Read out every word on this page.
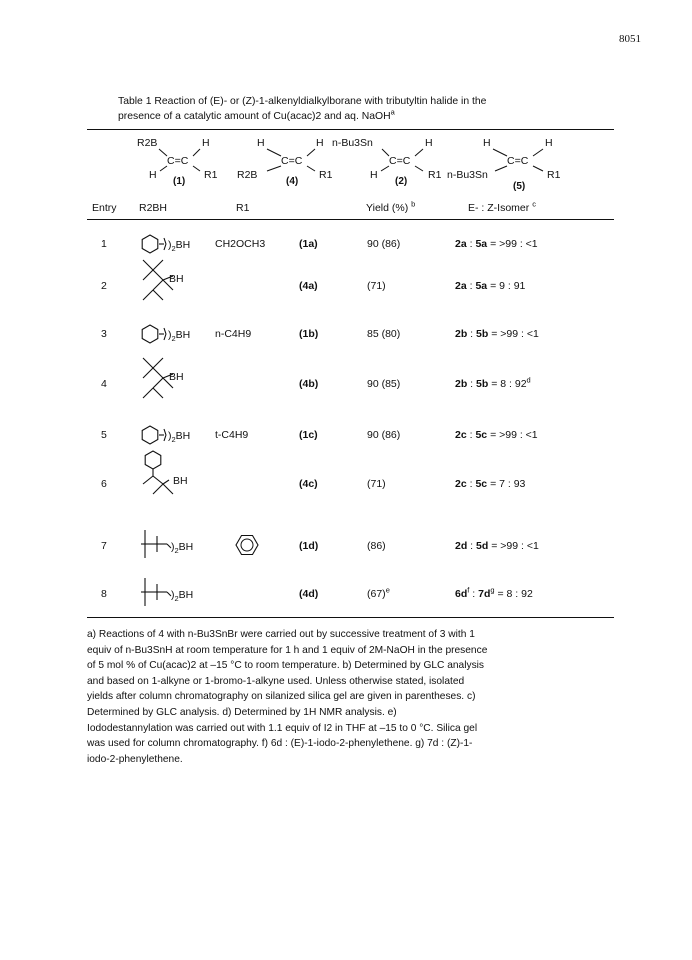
8051
Table 1 Reaction of (E)- or (Z)-1-alkenyldialkylborane with tributyltin halide in the
presence of a catalytic amount of Cu(acac)2 and aq. NaOH$^a$
R2B	H
C=C
H	R1
(1)
H	H
C=C
R2B	R1
(4)
n-Bu3Sn	H
C=C
H	R1
(2)
H	H
C=C
n-Bu3Sn	R1
(5)
Entry R2BH	R1	Yield (%) $^b$	E- : Z-Isomer $^c$
1	CH2OCH3	(1a)	90 (86)	2a : 5a = >99 : <1
)$_2BH$
2	(4a)	(71)	2a : 5a = 9 : 91
BH
3	n-C4H9	(1b)	85 (80)	2b : 5b = >99 : <1
)$_2BH$
4	(4b)	90 (85)	2b : 5b = 8 : 92$^d$
BH
5	t-C4H9	(1c)	90 (86)	2c : 5c = >99 : <1
)$_2BH$
6	(4c)	(71)	2c : 5c = 7 : 93
BH
7	(1d)	(86)	2d : 5d = >99 : <1
)$_2BH$
8	(4d)	$(67)^e$	$6d^f$ : $7d^g = 8$ : 92
)$_2BH$
a) Reactions of 4 with n-Bu3SnBr were carried out by successive treatment of 3 with 1
equiv of n-Bu3SnH at room temperature for 1 h and 1 equiv of 2M-NaOH in the presence
of 5 mol % of Cu(acac)2 at –15 °C to room temperature. b) Determined by GLC analysis
and based on 1-alkyne or 1-bromo-1-alkyne used. Unless otherwise stated, isolated
yields after column chromatography on silanized silica gel are given in parentheses. c)
Determined by GLC analysis. d) Determined by 1H NMR analysis. e)
Iododestannylation was carried out with 1.1 equiv of I2 in THF at –15 to 0 °C. Silica gel
was used for column chromatography. f) 6d : (E)-1-iodo-2-phenylethene. g) 7d : (Z)-1-
iodo-2-phenylethene.
